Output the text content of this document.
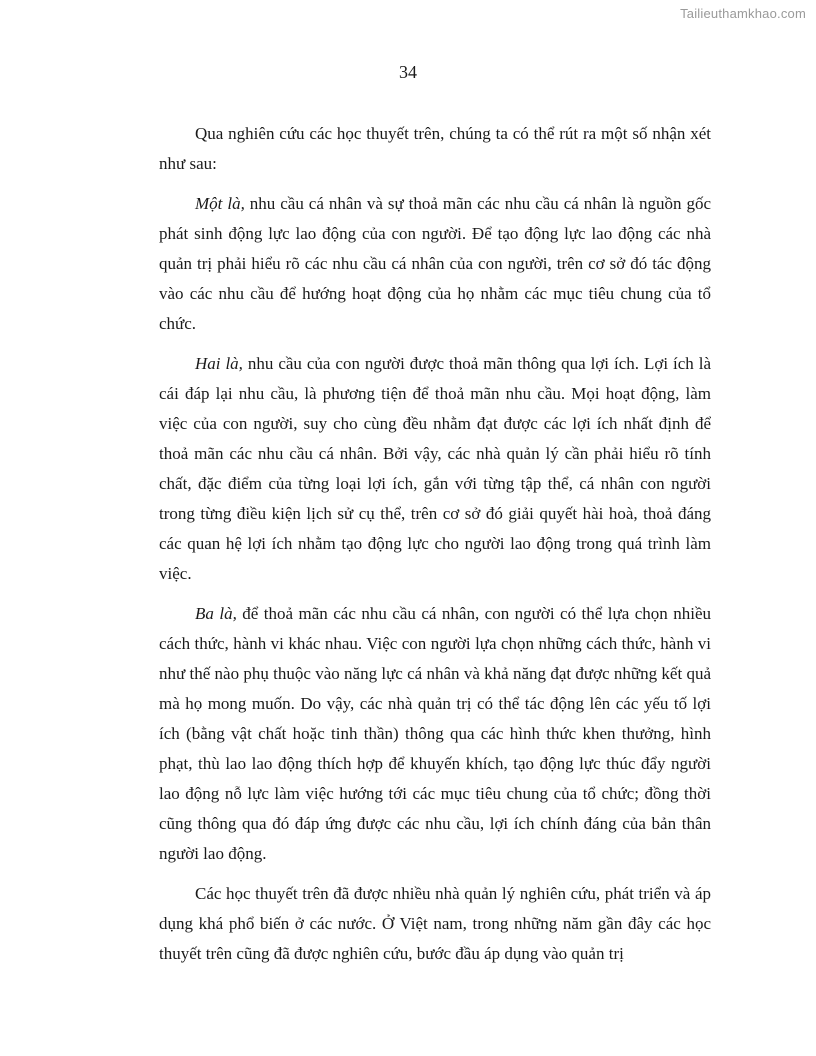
Tailieuthamkhao.com
34

Qua nghiên cứu các học thuyết trên, chúng ta có thể rút ra một số nhận xét như sau:

Một là, nhu cầu cá nhân và sự thoả mãn các nhu cầu cá nhân là nguồn gốc phát sinh động lực lao động của con người. Để tạo động lực lao động các nhà quản trị phải hiểu rõ các nhu cầu cá nhân của con người, trên cơ sở đó tác động vào các nhu cầu để hướng hoạt động của họ nhằm các mục tiêu chung của tổ chức.

Hai là, nhu cầu của con người được thoả mãn thông qua lợi ích. Lợi ích là cái đáp lại nhu cầu, là phương tiện để thoả mãn nhu cầu. Mọi hoạt động, làm việc của con người, suy cho cùng đều nhằm đạt được các lợi ích nhất định để thoả mãn các nhu cầu cá nhân. Bởi vậy, các nhà quản lý cần phải hiểu rõ tính chất, đặc điểm của từng loại lợi ích, gắn với từng tập thể, cá nhân con người trong từng điều kiện lịch sử cụ thể, trên cơ sở đó giải quyết hài hoà, thoả đáng các quan hệ lợi ích nhằm tạo động lực cho người lao động trong quá trình làm việc.

Ba là, để thoả mãn các nhu cầu cá nhân, con người có thể lựa chọn nhiều cách thức, hành vi khác nhau. Việc con người lựa chọn những cách thức, hành vi như thế nào phụ thuộc vào năng lực cá nhân và khả năng đạt được những kết quả mà họ mong muốn. Do vậy, các nhà quản trị có thể tác động lên các yếu tố lợi ích (bằng vật chất hoặc tinh thần) thông qua các hình thức khen thưởng, hình phạt, thù lao lao động thích hợp để khuyến khích, tạo động lực thúc đẩy người lao động nỗ lực làm việc hướng tới các mục tiêu chung của tổ chức; đồng thời cũng thông qua đó đáp ứng được các nhu cầu, lợi ích chính đáng của bản thân người lao động.

Các học thuyết trên đã được nhiều nhà quản lý nghiên cứu, phát triển và áp dụng khá phổ biến ở các nước. Ở Việt nam, trong những năm gần đây các học thuyết trên cũng đã được nghiên cứu, bước đầu áp dụng vào quản trị
